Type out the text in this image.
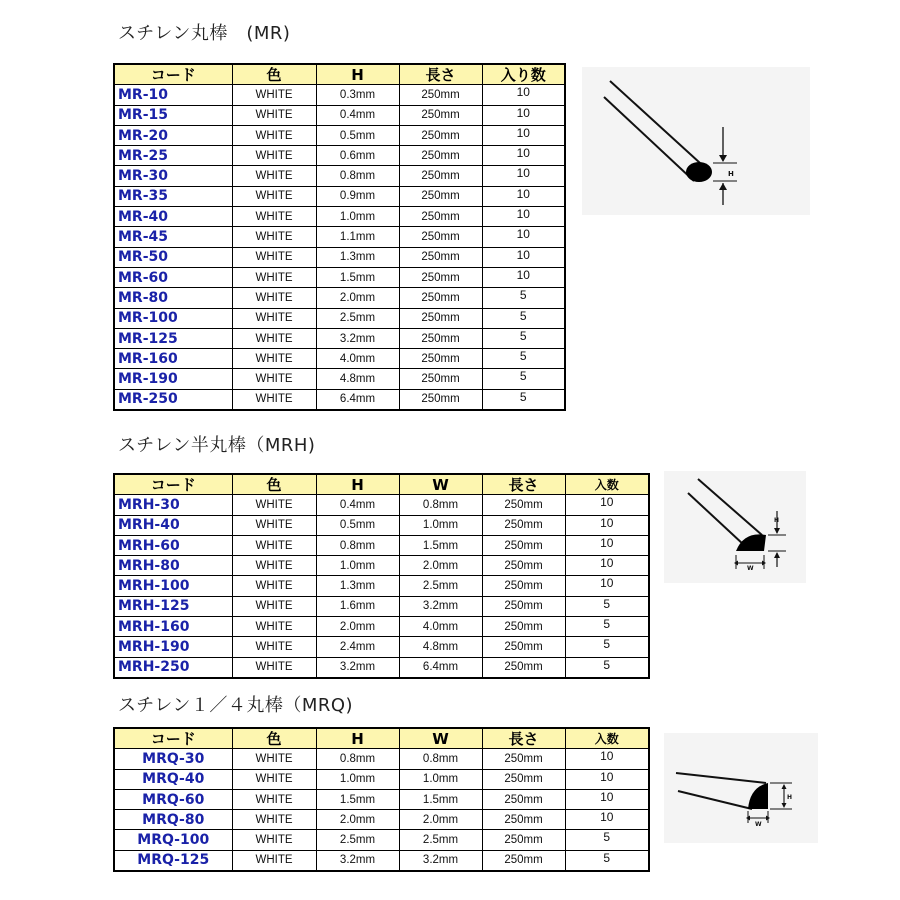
スチレン丸棒　(MR)
コード	色	H	長さ	入り数
MR-10	WHITE	0.3mm	250mm	10
MR-15	WHITE	0.4mm	250mm	10
MR-20	WHITE	0.5mm	250mm	10
MR-25	WHITE	0.6mm	250mm	10
MR-30	WHITE	0.8mm	250mm	10
MR-35	WHITE	0.9mm	250mm	10
MR-40	WHITE	1.0mm	250mm	10
MR-45	WHITE	1.1mm	250mm	10
MR-50	WHITE	1.3mm	250mm	10
MR-60	WHITE	1.5mm	250mm	10
MR-80	WHITE	2.0mm	250mm	5
MR-100	WHITE	2.5mm	250mm	5
MR-125	WHITE	3.2mm	250mm	5
MR-160	WHITE	4.0mm	250mm	5
MR-190	WHITE	4.8mm	250mm	5
MR-250	WHITE	6.4mm	250mm	5
H
スチレン半丸棒（MRH)
コード	色	H	W	長さ	入数
MRH-30	WHITE	0.4mm	0.8mm	250mm	10
MRH-40	WHITE	0.5mm	1.0mm	250mm	10
MRH-60	WHITE	0.8mm	1.5mm	250mm	10
MRH-80	WHITE	1.0mm	2.0mm	250mm	10
MRH-100	WHITE	1.3mm	2.5mm	250mm	10
MRH-125	WHITE	1.6mm	3.2mm	250mm	5
MRH-160	WHITE	2.0mm	4.0mm	250mm	5
MRH-190	WHITE	2.4mm	4.8mm	250mm	5
MRH-250	WHITE	3.2mm	6.4mm	250mm	5
H
W
スチレン１／４丸棒（MRQ)
コード	色	H	W	長さ	入数
MRQ-30	WHITE	0.8mm	0.8mm	250mm	10
MRQ-40	WHITE	1.0mm	1.0mm	250mm	10
MRQ-60	WHITE	1.5mm	1.5mm	250mm	10
MRQ-80	WHITE	2.0mm	2.0mm	250mm	10
MRQ-100	WHITE	2.5mm	2.5mm	250mm	5
MRQ-125	WHITE	3.2mm	3.2mm	250mm	5
H
W
